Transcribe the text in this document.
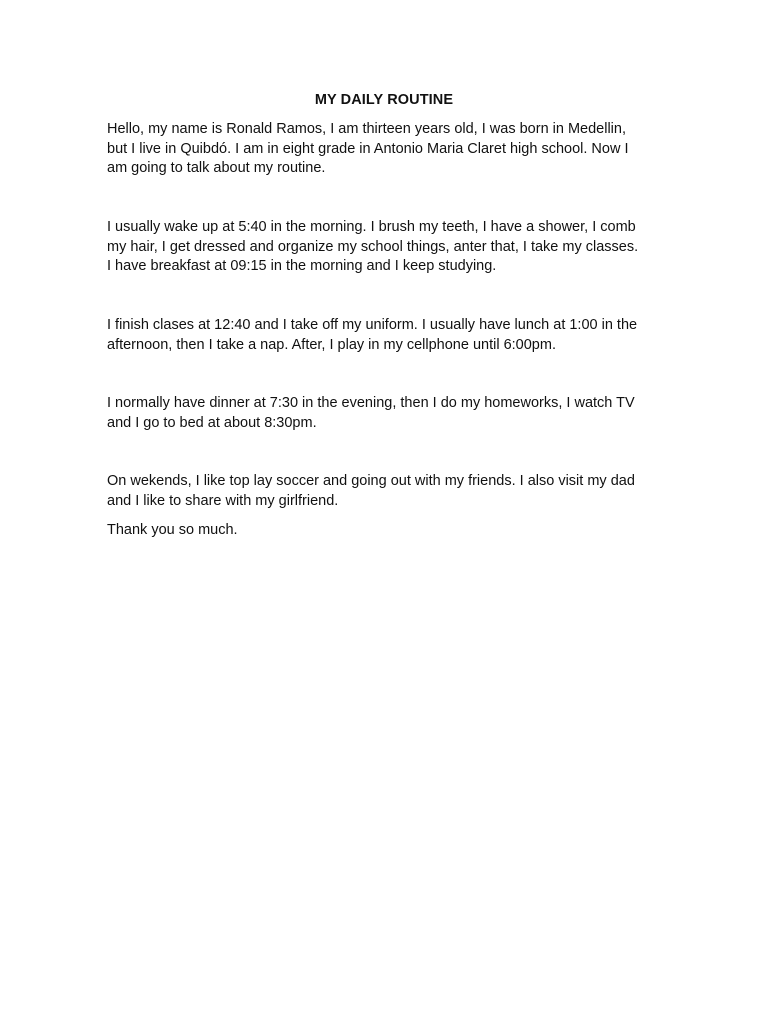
MY DAILY ROUTINE

Hello, my name is Ronald Ramos, I am thirteen years old, I was born in Medellin,
but I live in Quibdó. I am in eight grade in Antonio Maria Claret high school. Now I
am going to talk about my routine.

I usually wake up at 5:40 in the morning. I brush my teeth, I have a shower, I comb
my hair, I get dressed and organize my school things, anter that, I take my classes.
I have breakfast at 09:15 in the morning and I keep studying.

I finish clases at 12:40 and I take off my uniform. I usually have lunch at 1:00 in the
afternoon, then I take a nap. After, I play in my cellphone until 6:00pm.

I normally have dinner at 7:30 in the evening, then I do my homeworks, I watch TV
and I go to bed at about 8:30pm.

On wekends, I like top lay soccer and going out with my friends. I also visit my dad
and I like to share with my girlfriend.

Thank you so much.
